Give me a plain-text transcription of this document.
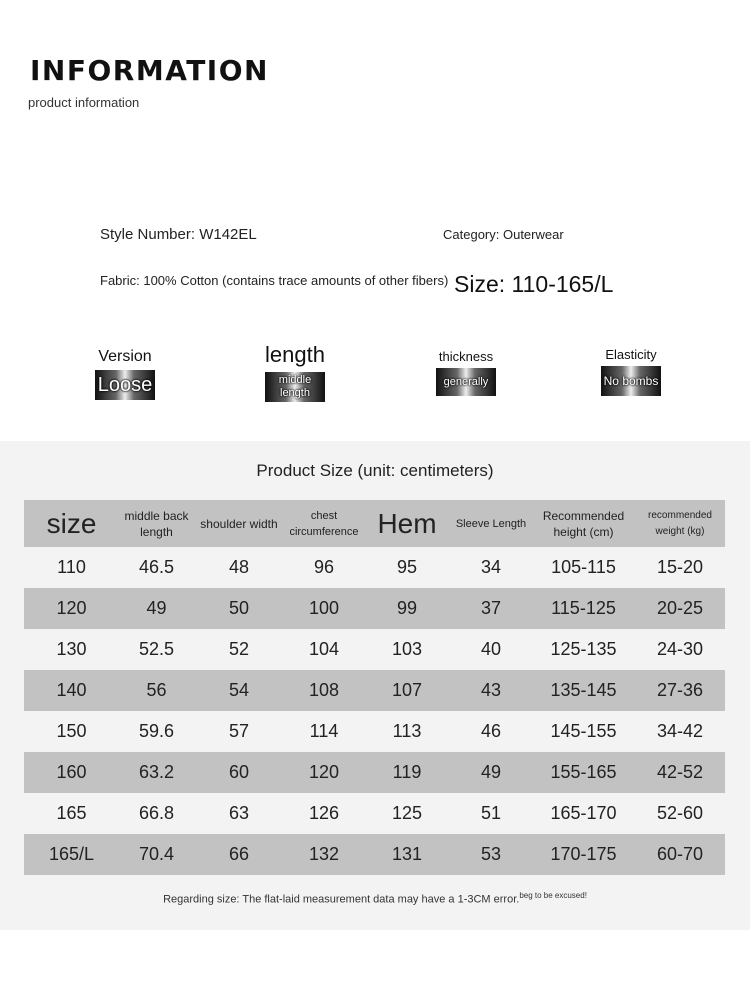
INFORMATION
product information
Style Number: W142EL	Category: Outerwear
Fabric: 100% Cotton (contains trace amounts of other fibers) Size: 110-165/L
Version
Loose
length
middle length
thickness
generally
Elasticity
No bombs
Product Size (unit: centimeters)
size	middle back length	shoulder width	chest circumference	Hem	Sleeve Length	Recommended height (cm)	recommended weight (kg)
110	46.5	48	96	95	34	105-115	15-20
120	49	50	100	99	37	115-125	20-25
130	52.5	52	104	103	40	125-135	24-30
140	56	54	108	107	43	135-145	27-36
150	59.6	57	114	113	46	145-155	34-42
160	63.2	60	120	119	49	155-165	42-52
165	66.8	63	126	125	51	165-170	52-60
165/L	70.4	66	132	131	53	170-175	60-70
Regarding size: The flat-laid measurement data may have a 1-3CM error.$^{beg to be excused!}$
